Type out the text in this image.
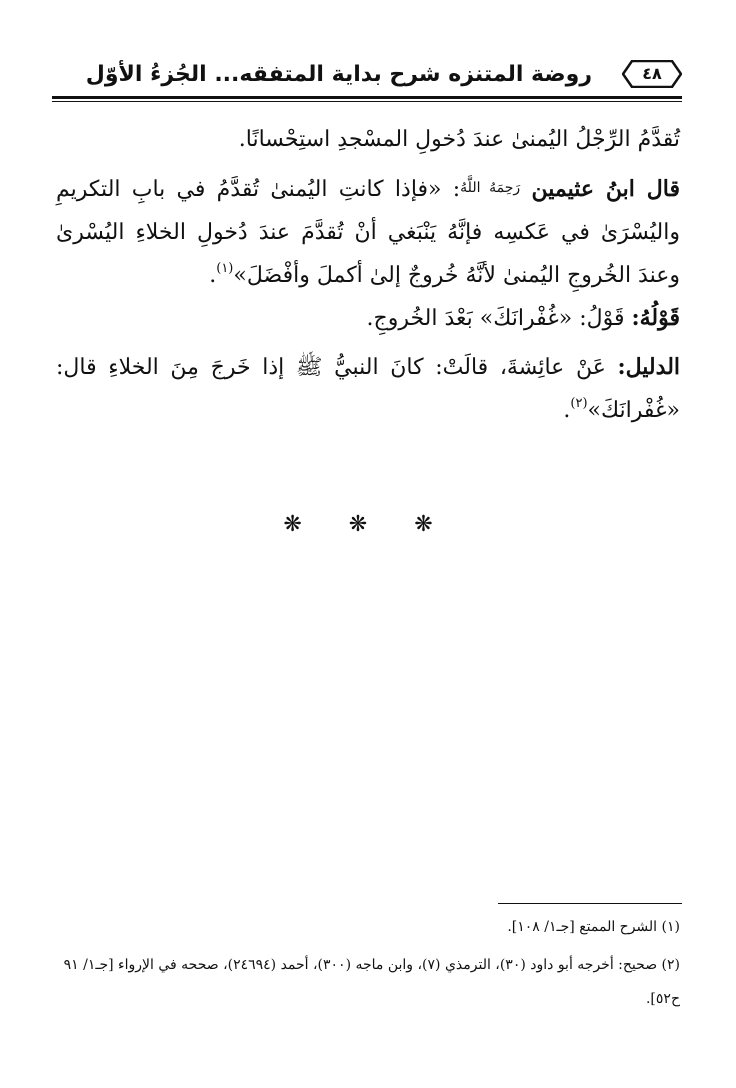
روضة المتنزه شرح بداية المتفقه... الجُزءُ الأوّل	٤٨

تُقدَّمُ الرِّجْلُ اليُمنىٰ عندَ دُخولِ المسْجدِ استِحْسانًا.

قال ابنُ عثيمين رَحِمَهُ اللَّهُ: «فإذا كانتِ اليُمنىٰ تُقدَّمُ في بابِ التكريمِ واليُسْرَىٰ في عَكسِه فإنَّهُ يَنْبَغي أنْ تُقدَّمَ عندَ دُخولِ الخلاءِ اليُسْرىٰ وعندَ الخُروجِ اليُمنىٰ لأنَّهُ خُروجٌ إلىٰ أكملَ وأفْضَلَ»$^{(١)}$.

قَوْلُهُ: قَوْلُ: «غُفْرانَكَ» بَعْدَ الخُروجِ.

الدليل: عَنْ عائِشةَ، قالَتْ: كانَ النبيُّ ﷺ إذا خَرجَ مِنَ الخلاءِ قال: «غُفْرانَكَ»$^{(٢)}$.

❋ ❋ ❋

(١) الشرح الممتع [جـ١/ ١٠٨].

(٢) صحيح: أخرجه أبو داود (٣٠)، الترمذي (٧)، وابن ماجه (٣٠٠)، أحمد (٢٤٦٩٤)، صححه في الإرواء [جـ١/ ٩١ ح٥٢].
